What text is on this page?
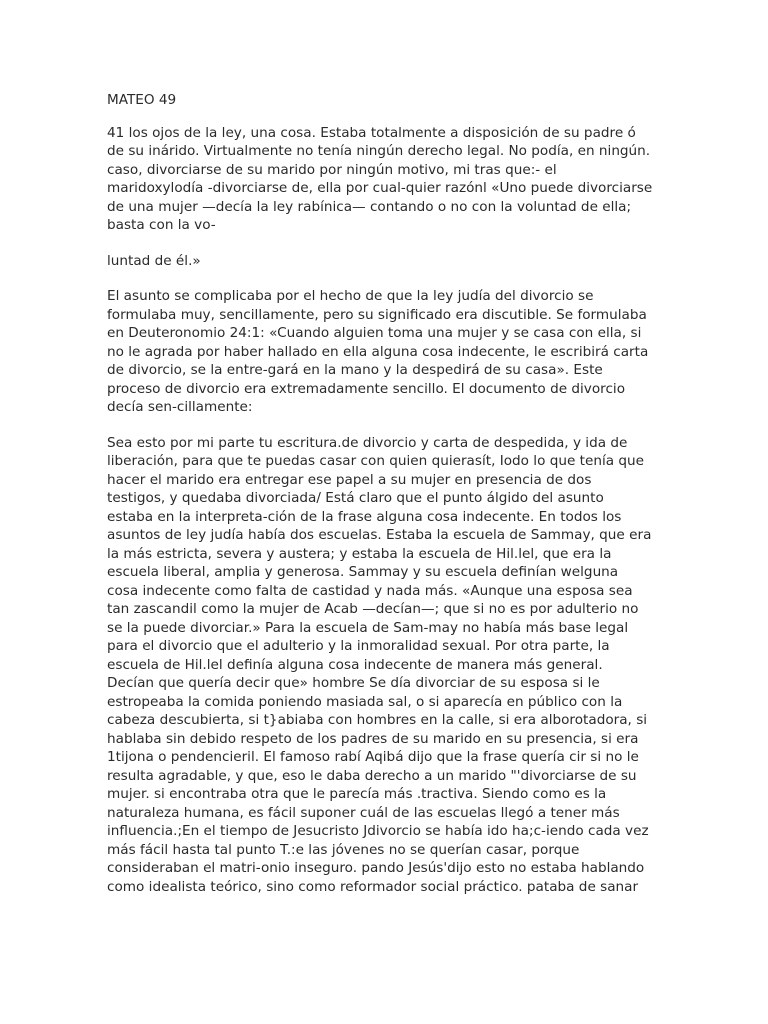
MATEO 49
41 los ojos de la ley, una cosa. Estaba totalmente a disposición de su padre ó
de su inárido. Virtualmente no tenía ningún derecho legal. No podía, en ningún.
caso, divorciarse de su marido por ningún motivo, mi tras que:- el
maridoxylodía -divorciarse de, ella por cual-quier razónl «Uno puede divorciarse
de una mujer —decía la ley rabínica— contando o no con la voluntad de ella;
basta con la vo-
luntad de él.»
El asunto se complicaba por el hecho de que la ley judía del divorcio se
formulaba muy, sencillamente, pero su significado era discutible. Se formulaba
en Deuteronomio 24:1: «Cuando alguien toma una mujer y se casa con ella, si
no le agrada por haber hallado en ella alguna cosa indecente, le escribirá carta
de divorcio, se la entre-gará en la mano y la despedirá de su casa». Este
proceso de divorcio era extremadamente sencillo. El documento de divorcio
decía sen-cillamente:
Sea esto por mi parte tu escritura.de divorcio y carta de despedida, y ida de
liberación, para que te puedas casar con quien quierasít, Iodo lo que tenía que
hacer el marido era entregar ese papel a su mujer en presencia de dos
testigos, y quedaba divorciada/ Está claro que el punto álgido del asunto
estaba en la interpreta-ción de la frase alguna cosa indecente. En todos los
asuntos de ley judía había dos escuelas. Estaba la escuela de Sammay, que era
la más estricta, severa y austera; y estaba la escuela de Hil.lel, que era la
escuela liberal, amplia y generosa. Sammay y su escuela definían welguna
cosa indecente como falta de castidad y nada más. «Aunque una esposa sea
tan zascandil como la mujer de Acab —decían—; que si no es por adulterio no
se la puede divorciar.» Para la escuela de Sam-may no había más base legal
para el divorcio que el adulterio y la inmoralidad sexual. Por otra parte, la
escuela de Hil.lel definía alguna cosa indecente de manera más general.
Decían que quería decir que» hombre Se día divorciar de su esposa si le
estropeaba la comida poniendo masiada sal, o si aparecía en público con la
cabeza descubierta, si t}abiaba con hombres en la calle, si era alborotadora, si
hablaba sin debido respeto de los padres de su marido en su presencia, si era
1tijona o pendencieril. El famoso rabí Aqibá dijo que la frase quería cir si no le
resulta agradable, y que, eso le daba derecho a un marido "'divorciarse de su
mujer. si encontraba otra que le parecía más .tractiva. Siendo como es la
naturaleza humana, es fácil suponer cuál de las escuelas llegó a tener más
influencia.;En el tiempo de Jesucristo Jdivorcio se había ido ha;c-iendo cada vez
más fácil hasta tal punto T.:e las jóvenes no se querían casar, porque
consideraban el matri-onio inseguro. pando Jesús'dijo esto no estaba hablando
como idealista teórico, sino como reformador social práctico. pataba de sanar
